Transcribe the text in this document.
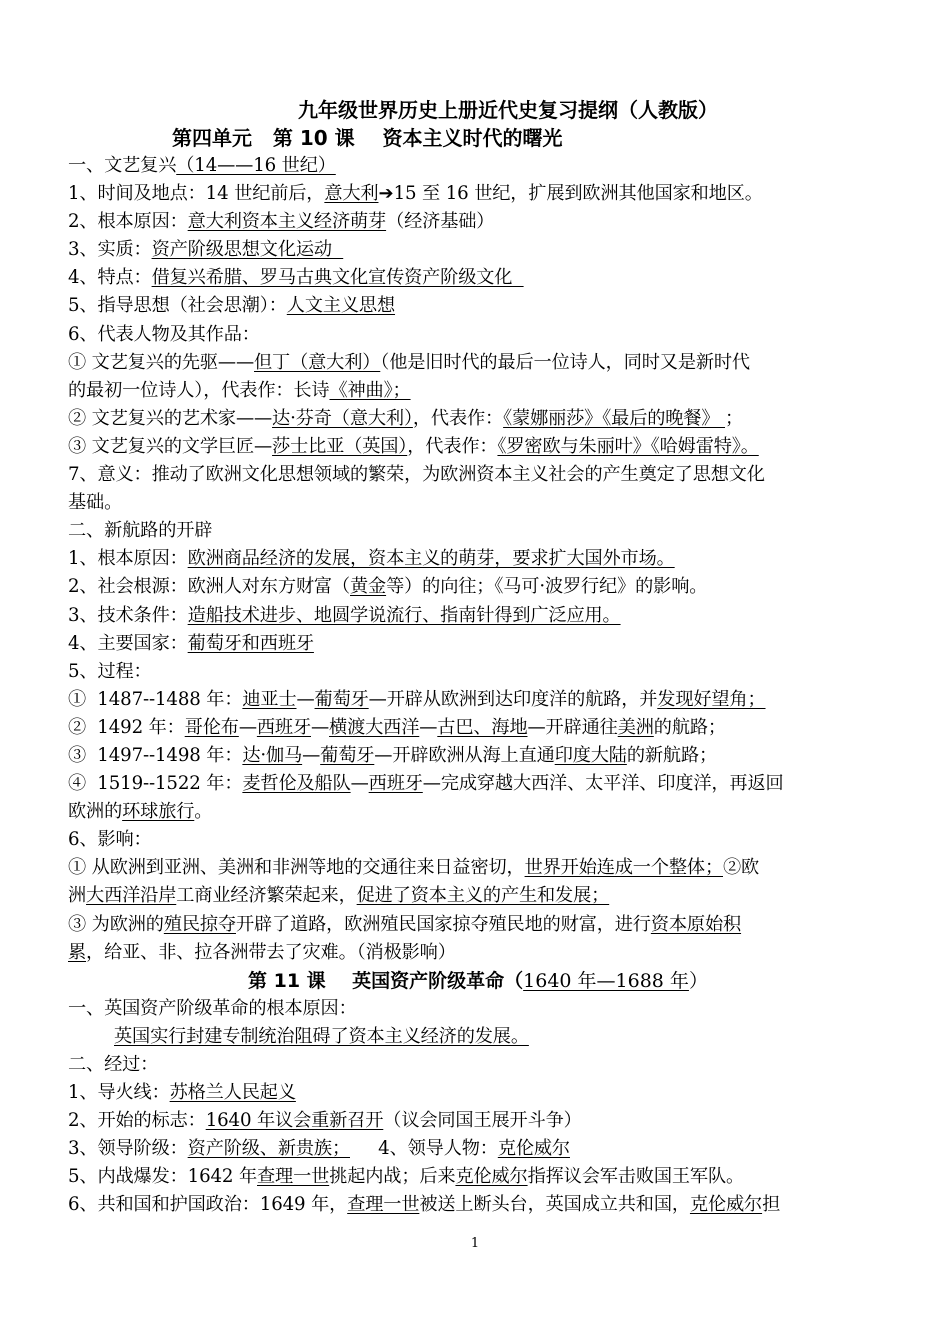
九年级世界历史上册近代史复习提纲（人教版）
第四单元   第 10 课    资本主义时代的曙光
一、文艺复兴（14——16 世纪）
1、时间及地点：14 世纪前后，意大利➔15 至 16 世纪，扩展到欧洲其他国家和地区。
2、根本原因：意大利资本主义经济萌芽（经济基础）
3、实质：资产阶级思想文化运动
4、特点：借复兴希腊、罗马古典文化宣传资产阶级文化
5、指导思想（社会思潮）：人文主义思想
6、代表人物及其作品：
① 文艺复兴的先驱——但丁（意大利）（他是旧时代的最后一位诗人，同时又是新时代
的最初一位诗人），代表作：长诗《神曲》；
② 文艺复兴的艺术家——达·芬奇（意大利），代表作：《蒙娜丽莎》《最后的晚餐》 ；
③ 文艺复兴的文学巨匠—莎士比亚（英国），代表作：《罗密欧与朱丽叶》《哈姆雷特》。
7、意义：推动了欧洲文化思想领域的繁荣，为欧洲资本主义社会的产生奠定了思想文化
基础。
二、新航路的开辟
1、根本原因：欧洲商品经济的发展，资本主义的萌芽，要求扩大国外市场。
2、社会根源：欧洲人对东方财富（黄金等）的向往；《马可·波罗行纪》的影响。
3、技术条件：造船技术进步、地圆学说流行、指南针得到广泛应用。
4、主要国家：葡萄牙和西班牙
5、过程：
①  1487--1488 年：迪亚士—葡萄牙—开辟从欧洲到达印度洋的航路，并发现好望角；
②  1492 年：哥伦布—西班牙—横渡大西洋—古巴、海地—开辟通往美洲的航路；
③  1497--1498 年：达·伽马—葡萄牙—开辟欧洲从海上直通印度大陆的新航路；
④  1519--1522 年：麦哲伦及船队—西班牙—完成穿越大西洋、太平洋、印度洋，再返回
欧洲的环球旅行。
6、影响：
① 从欧洲到亚洲、美洲和非洲等地的交通往来日益密切，世界开始连成一个整体；②欧
洲大西洋沿岸工商业经济繁荣起来，促进了资本主义的产生和发展；
③ 为欧洲的殖民掠夺开辟了道路，欧洲殖民国家掠夺殖民地的财富，进行资本原始积
累，给亚、非、拉各洲带去了灾难。（消极影响）
第 11 课    英国资产阶级革命（1640 年—1688 年）
一、英国资产阶级革命的根本原因：
英国实行封建专制统治阻碍了资本主义经济的发展。
二、经过：
1、导火线：苏格兰人民起义
2、开始的标志：1640 年议会重新召开（议会同国王展开斗争）
3、领导阶级：资产阶级、新贵族；     4、领导人物：克伦威尔
5、内战爆发：1642 年查理一世挑起内战；后来克伦威尔指挥议会军击败国王军队。
6、共和国和护国政治：1649 年，查理一世被送上断头台，英国成立共和国，克伦威尔担
1
